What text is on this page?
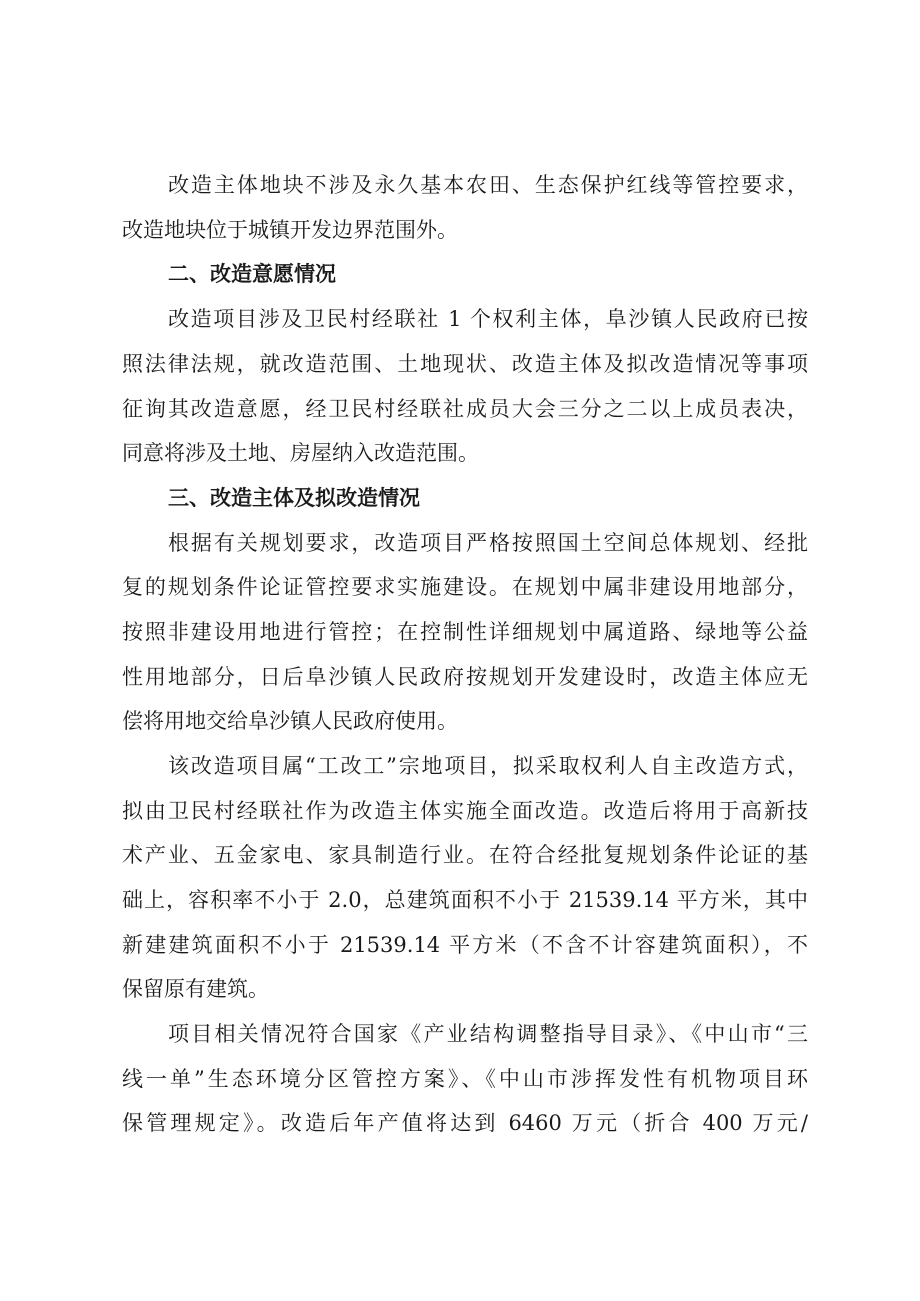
改造主体地块不涉及永久基本农田、生态保护红线等管控要求，
改造地块位于城镇开发边界范围外。
二、改造意愿情况
改造项目涉及卫民村经联社 1 个权利主体，阜沙镇人民政府已按
照法律法规，就改造范围、土地现状、改造主体及拟改造情况等事项
征询其改造意愿，经卫民村经联社成员大会三分之二以上成员表决，
同意将涉及土地、房屋纳入改造范围。
三、改造主体及拟改造情况
根据有关规划要求，改造项目严格按照国土空间总体规划、经批
复的规划条件论证管控要求实施建设。在规划中属非建设用地部分，
按照非建设用地进行管控；在控制性详细规划中属道路、绿地等公益
性用地部分，日后阜沙镇人民政府按规划开发建设时，改造主体应无
偿将用地交给阜沙镇人民政府使用。
该改造项目属“工改工”宗地项目，拟采取权利人自主改造方式，
拟由卫民村经联社作为改造主体实施全面改造。改造后将用于高新技
术产业、五金家电、家具制造行业。在符合经批复规划条件论证的基
础上，容积率不小于 2.0，总建筑面积不小于 21539.14 平方米，其中
新建建筑面积不小于 21539.14 平方米（不含不计容建筑面积），不
保留原有建筑。
项目相关情况符合国家《产业结构调整指导目录》、《中山市“三
线一单”生态环境分区管控方案》、《中山市涉挥发性有机物项目环
保管理规定》。改造后年产值将达到 6460 万元（折合 400 万元/
